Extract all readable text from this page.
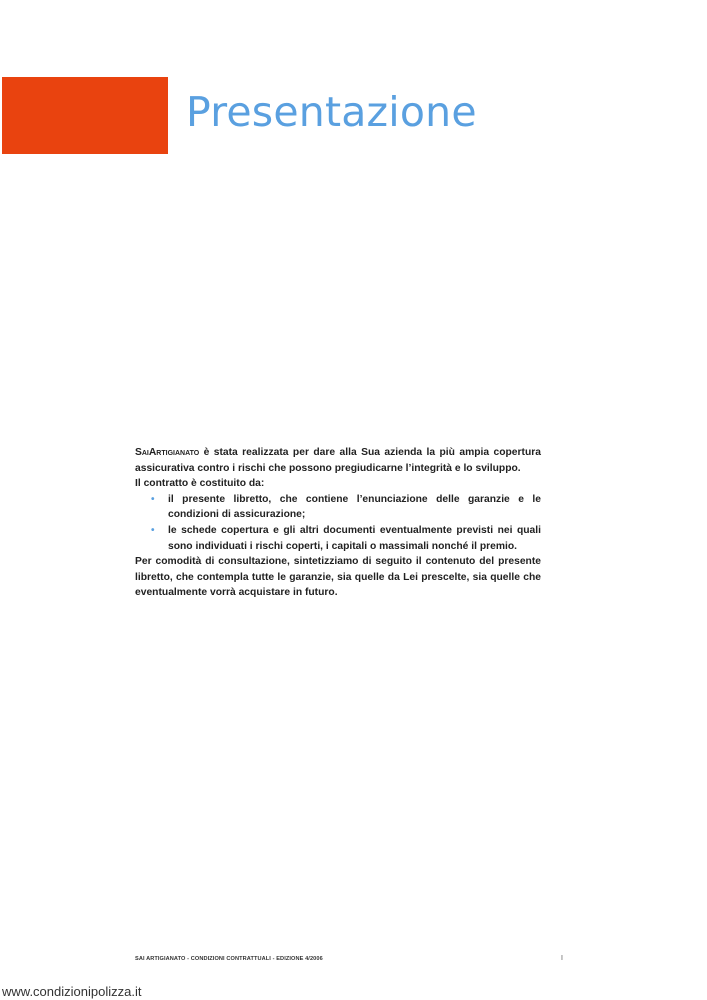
Presentazione

SaiArtigianato è stata realizzata per dare alla Sua azienda la più ampia copertura assicurativa contro i rischi che possono pregiudicarne l’integrità e lo sviluppo.

Il contratto è costituito da:

• il presente libretto, che contiene l’enunciazione delle garanzie e le condizioni di assicurazione;
• le schede copertura e gli altri documenti eventualmente previsti nei quali sono individuati i rischi coperti, i capitali o massimali nonché il premio.

Per comodità di consultazione, sintetizziamo di seguito il contenuto del presente libretto, che contempla tutte le garanzie, sia quelle da Lei prescelte, sia quelle che eventualmente vorrà acquistare in futuro.

SAI ARTIGIANATO - CONDIZIONI CONTRATTUALI - EDIZIONE 4/2006	I
www.condizionipolizza.it
